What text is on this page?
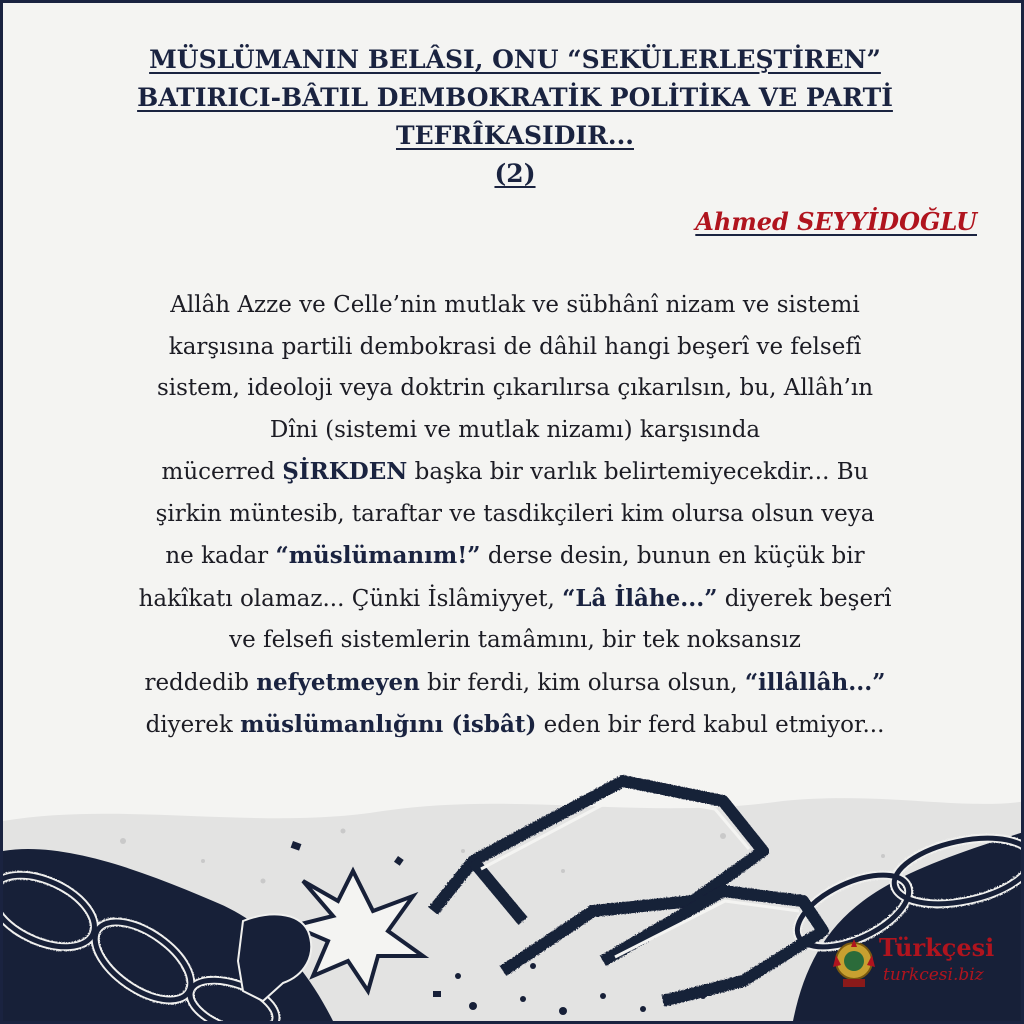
MÜSLÜMANIN BELÂSI, ONU “SEKÜLERLEŞTİREN”
BATIRICI-BÂTIL DEMBOKRATİK POLİTİKA VE PARTİ
TEFRÎKASIDIR...
(2)
Ahmed SEYYİDOĞLU
Allâh Azze ve Celle’nin mutlak ve sübhânî nizam ve sistemi
karşısına partili dembokrasi de dâhil hangi beşerî ve felsefî
sistem, ideoloji veya doktrin çıkarılırsa çıkarılsın, bu, Allâh’ın
Dîni (sistemi ve mutlak nizamı) karşısında
mücerred ŞİRKDEN başka bir varlık belirtemiyecekdir... Bu
şirkin müntesib, taraftar ve tasdikçileri kim olursa olsun veya
ne kadar “müslümanım!” derse desin, bunun en küçük bir
hakîkatı olamaz... Çünki İslâmiyyet, “Lâ İlâhe...” diyerek beşerî
ve felsefi sistemlerin tamâmını, bir tek noksansız
reddedib nefyetmeyen bir ferdi, kim olursa olsun, “illâllâh...”
diyerek müslümanlığını (isbât) eden bir ferd kabul etmiyor...
Türkçesi
turkcesi.biz
